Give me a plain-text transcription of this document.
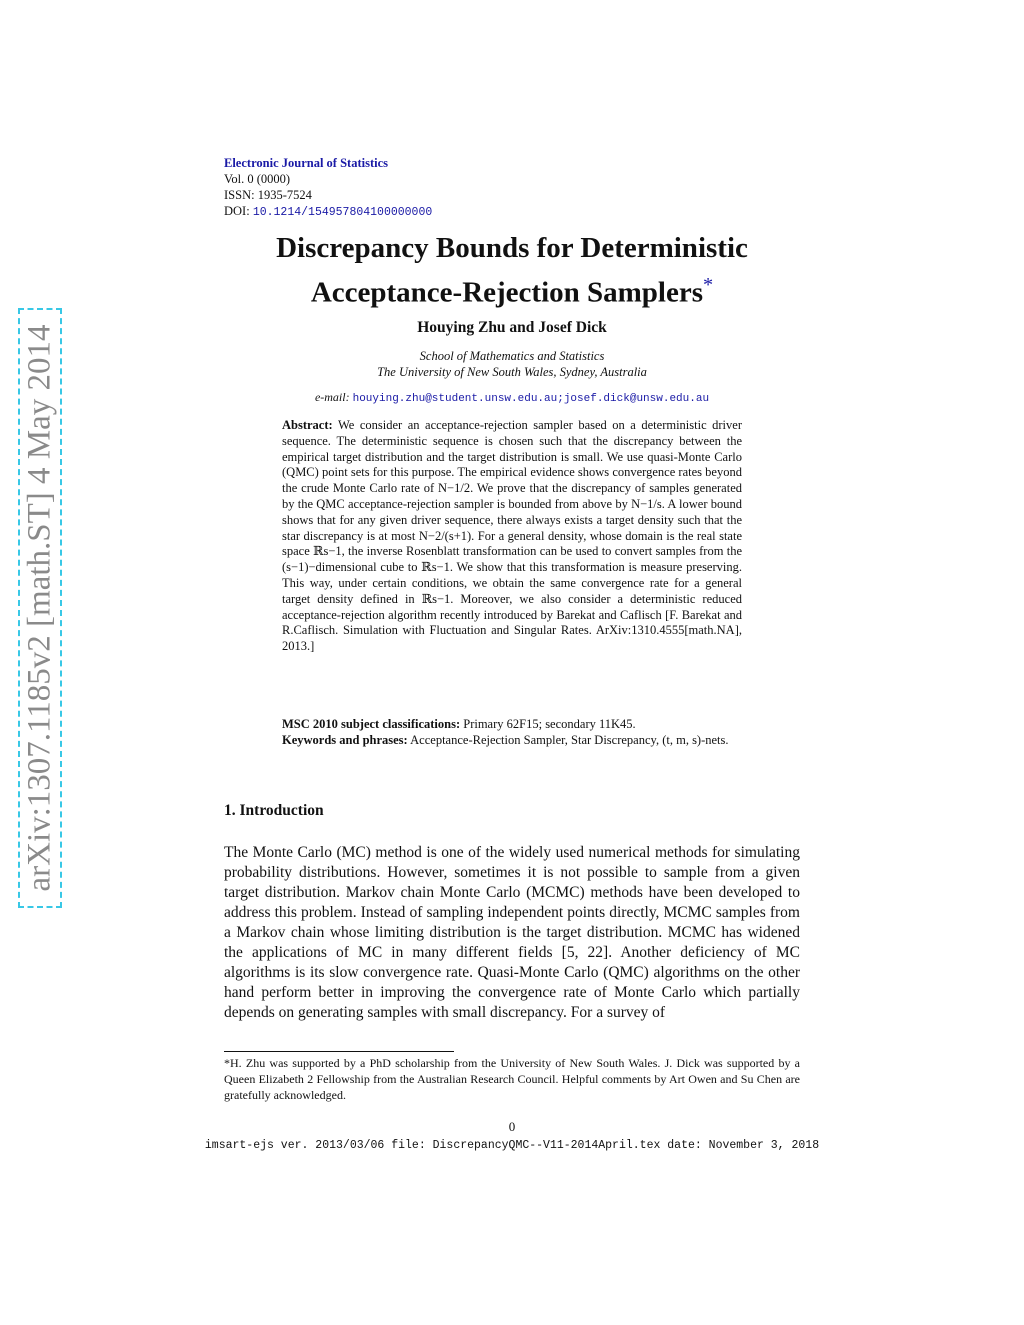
arXiv:1307.1185v2 [math.ST] 4 May 2014
Electronic Journal of Statistics
Vol. 0 (0000)
ISSN: 1935-7524
DOI: 10.1214/154957804100000000
Discrepancy Bounds for Deterministic
Acceptance-Rejection Samplers*
Houying Zhu and Josef Dick
School of Mathematics and Statistics
The University of New South Wales, Sydney, Australia
e-mail: houying.zhu@student.unsw.edu.au;josef.dick@unsw.edu.au
Abstract: We consider an acceptance-rejection sampler based on a deterministic driver sequence. The deterministic sequence is chosen such that the discrepancy between the empirical target distribution and the target distribution is small. We use quasi-Monte Carlo (QMC) point sets for this purpose. The empirical evidence shows convergence rates beyond the crude Monte Carlo rate of N−1/2. We prove that the discrepancy of samples generated by the QMC acceptance-rejection sampler is bounded from above by N−1/s. A lower bound shows that for any given driver sequence, there always exists a target density such that the star discrepancy is at most N−2/(s+1). For a general density, whose domain is the real state space ℝs−1, the inverse Rosenblatt transformation can be used to convert samples from the (s−1)−dimensional cube to ℝs−1. We show that this transformation is measure preserving. This way, under certain conditions, we obtain the same convergence rate for a general target density defined in ℝs−1. Moreover, we also consider a deterministic reduced acceptance-rejection algorithm recently introduced by Barekat and Caflisch [F. Barekat and R.Caflisch. Simulation with Fluctuation and Singular Rates. ArXiv:1310.4555[math.NA], 2013.]
MSC 2010 subject classifications: Primary 62F15; secondary 11K45.
Keywords and phrases: Acceptance-Rejection Sampler, Star Discrepancy, (t, m, s)-nets.
1. Introduction
The Monte Carlo (MC) method is one of the widely used numerical methods for simulating probability distributions. However, sometimes it is not possible to sample from a given target distribution. Markov chain Monte Carlo (MCMC) methods have been developed to address this problem. Instead of sampling independent points directly, MCMC samples from a Markov chain whose limiting distribution is the target distribution. MCMC has widened the applications of MC in many different fields [5, 22]. Another deficiency of MC algorithms is its slow convergence rate. Quasi-Monte Carlo (QMC) algorithms on the other hand perform better in improving the convergence rate of Monte Carlo which partially depends on generating samples with small discrepancy. For a survey of
*H. Zhu was supported by a PhD scholarship from the University of New South Wales. J. Dick was supported by a Queen Elizabeth 2 Fellowship from the Australian Research Council. Helpful comments by Art Owen and Su Chen are gratefully acknowledged.
0
imsart-ejs ver. 2013/03/06 file: DiscrepancyQMC--V11-2014April.tex date: November 3, 2018
